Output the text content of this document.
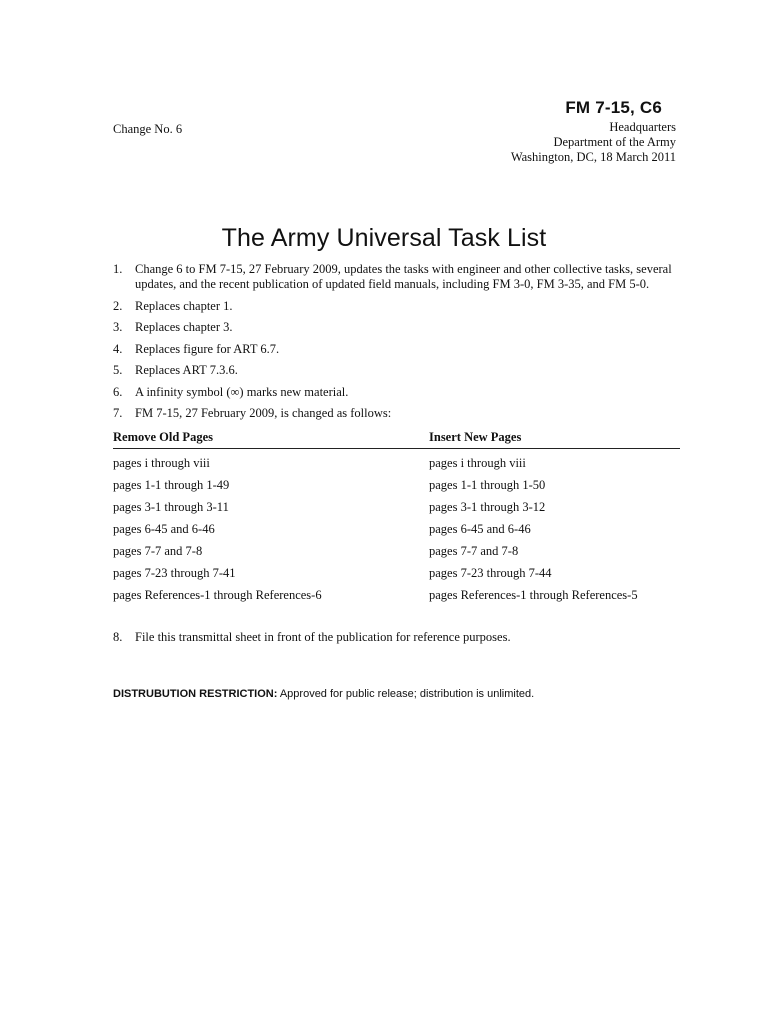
FM 7-15, C6
Change No. 6	Headquarters
Department of the Army
Washington, DC, 18 March 2011
The Army Universal Task List
1.	Change 6 to FM 7-15, 27 February 2009, updates the tasks with engineer and other collective tasks, several updates, and the recent publication of updated field manuals, including FM 3-0, FM 3-35, and FM 5-0.
2.	Replaces chapter 1.
3.	Replaces chapter 3.
4.	Replaces figure for ART 6.7.
5.	Replaces ART 7.3.6.
6.	A infinity symbol (∞) marks new material.
7.	FM 7-15, 27 February 2009, is changed as follows:
Remove Old Pages	Insert New Pages
pages i through viii	pages i through viii
pages 1-1 through 1-49	pages 1-1 through 1-50
pages 3-1 through 3-11	pages 3-1 through 3-12
pages 6-45 and 6-46	pages 6-45 and 6-46
pages 7-7 and 7-8	pages 7-7 and 7-8
pages 7-23 through 7-41	pages 7-23 through 7-44
pages References-1 through References-6	pages References-1 through References-5
8.	File this transmittal sheet in front of the publication for reference purposes.
DISTRUBUTION RESTRICTION: Approved for public release; distribution is unlimited.
